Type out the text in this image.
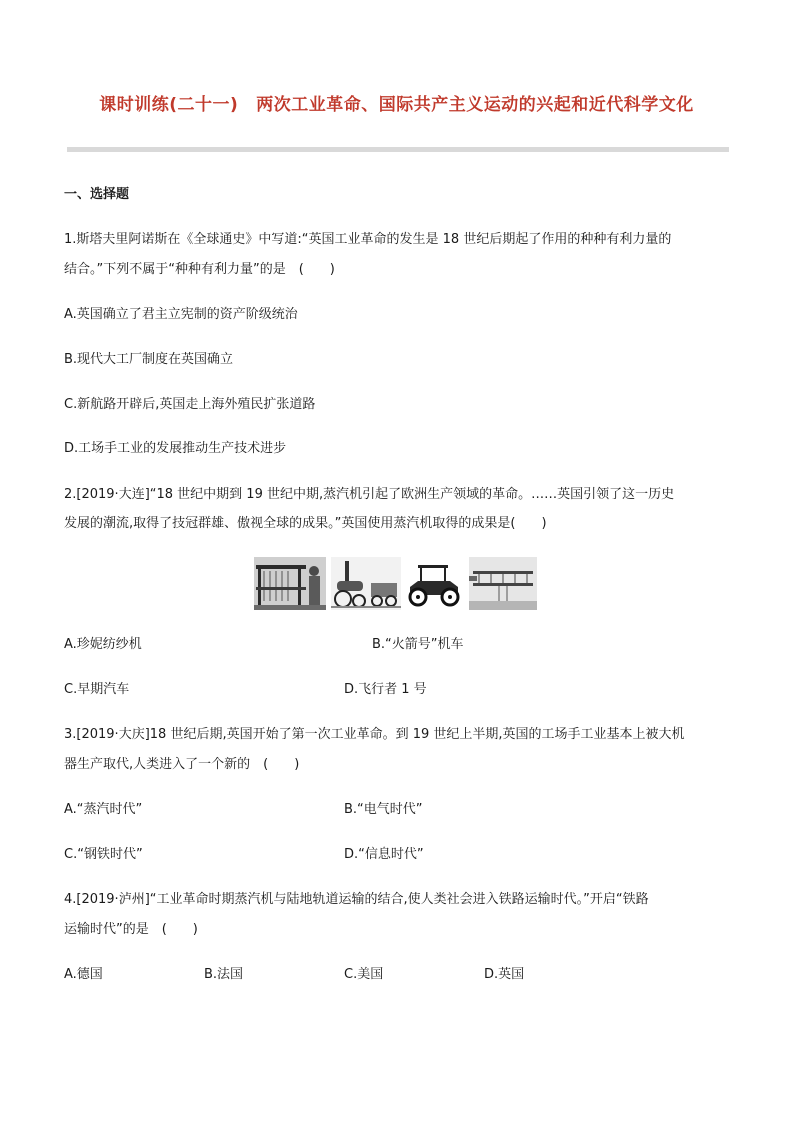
课时训练(二十一) 两次工业革命、国际共产主义运动的兴起和近代科学文化
一、选择题
1.斯塔夫里阿诺斯在《全球通史》中写道:“英国工业革命的发生是 18 世纪后期起了作用的种种有利力量的
结合。”下列不属于“种种有利力量”的是　(　　)
A.英国确立了君主立宪制的资产阶级统治
B.现代大工厂制度在英国确立
C.新航路开辟后,英国走上海外殖民扩张道路
D.工场手工业的发展推动生产技术进步
2.[2019·大连]“18 世纪中期到 19 世纪中期,蒸汽机引起了欧洲生产领域的革命。……英国引领了这一历史
发展的潮流,取得了技冠群雄、傲视全球的成果。”英国使用蒸汽机取得的成果是(　　)
A.珍妮纺纱机	B.“火箭号”机车
C.早期汽车	D.飞行者 1 号
3.[2019·大庆]18 世纪后期,英国开始了第一次工业革命。到 19 世纪上半期,英国的工场手工业基本上被大机
器生产取代,人类进入了一个新的　(　　)
A.“蒸汽时代”	B.“电气时代”
C.“钢铁时代”	D.“信息时代”
4.[2019·泸州]“工业革命时期蒸汽机与陆地轨道运输的结合,使人类社会进入铁路运输时代。”开启“铁路
运输时代”的是　(　　)
A.德国	B.法国	C.美国	D.英国
